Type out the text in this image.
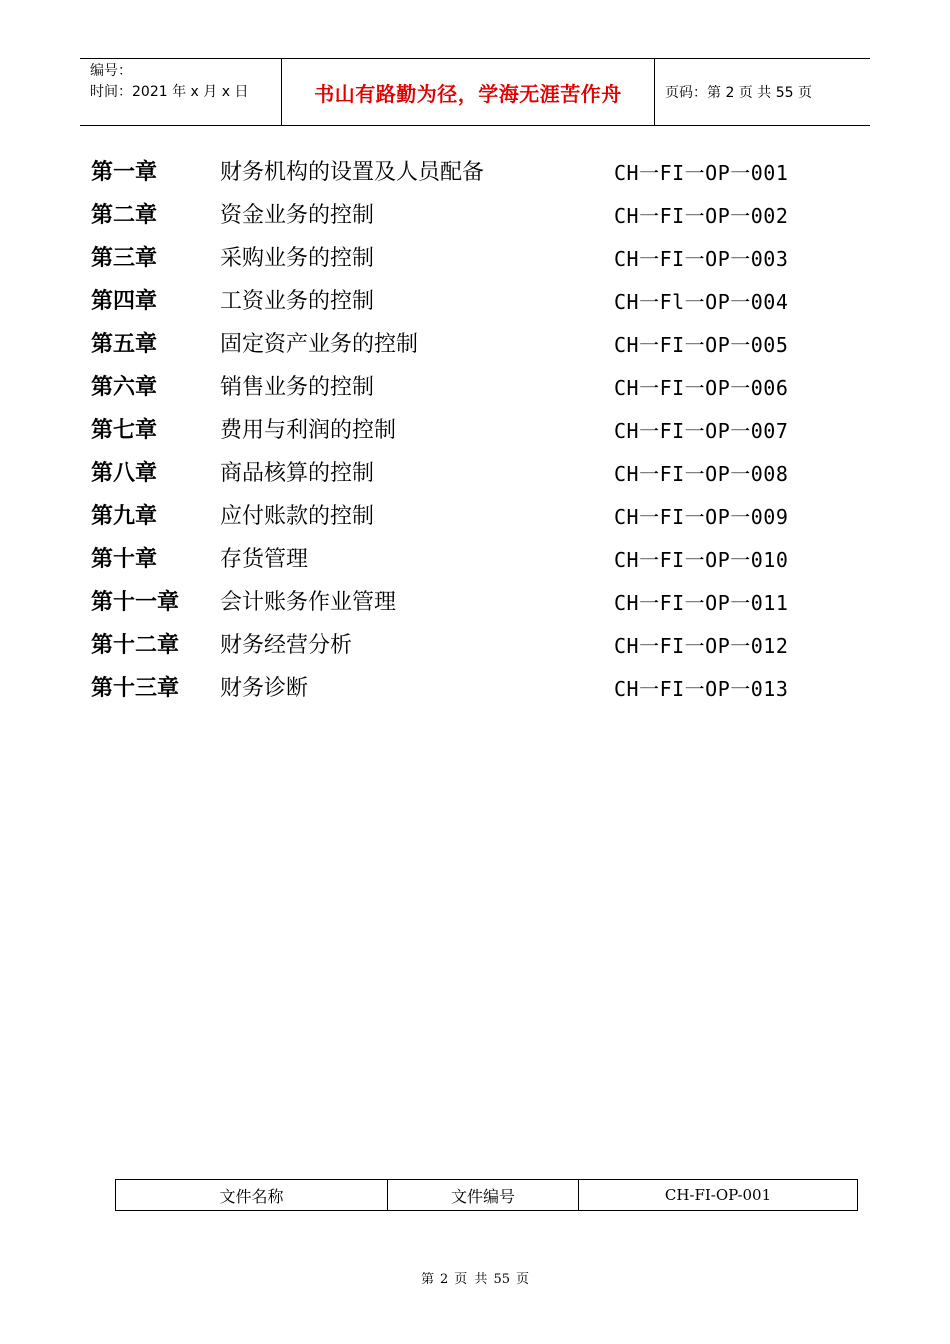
编号：
时间：2021 年 x 月 x 日	书山有路勤为径，学海无涯苦作舟	页码：第 2 页 共 55 页
第一章	财务机构的设置及人员配备	CH一FI一OP一001
第二章	资金业务的控制	CH一FI一OP一002
第三章	采购业务的控制	CH一FI一OP一003
第四章	工资业务的控制	CH一Fl一OP一004
第五章	固定资产业务的控制	CH一FI一OP一005
第六章	销售业务的控制	CH一FI一OP一006
第七章	费用与利润的控制	CH一FI一OP一007
第八章	商品核算的控制	CH一FI一OP一008
第九章	应付账款的控制	CH一FI一OP一009
第十章	存货管理	CH一FI一OP一010
第十一章 会计账务作业管理	CH一FI一OP一011
第十二章 财务经营分析	CH一FI一OP一012
第十三章 财务诊断	CH一FI一OP一013
文件名称	文件编号	CH-FI-OP-001
第 2 页 共 55 页
